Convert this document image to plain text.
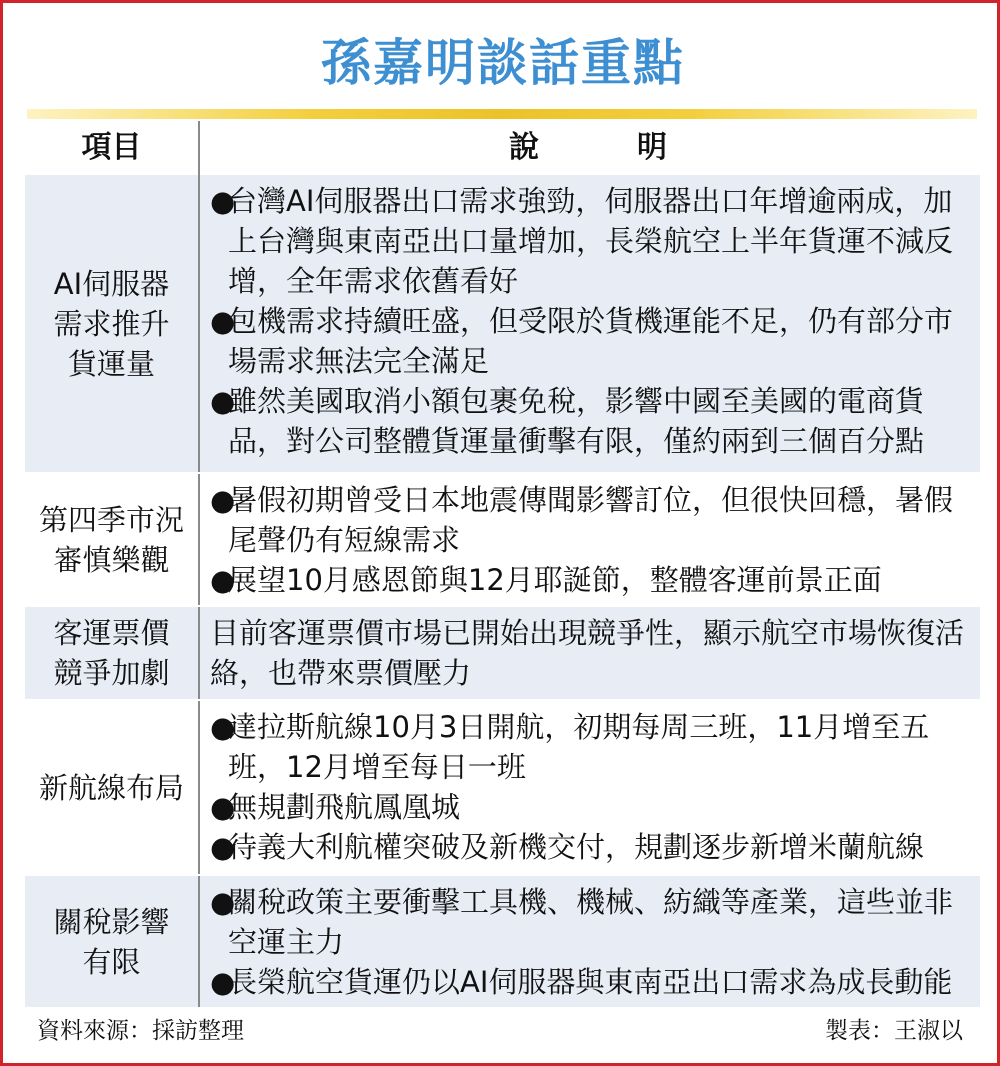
孫嘉明談話重點
項目	說　明
AI伺服器
需求推升
貨運量
●
台灣AI伺服器出口需求強勁，伺服器出口年增逾兩成，加上台灣與東南亞出口量增加，長榮航空上半年貨運不減反增，全年需求依舊看好
●
包機需求持續旺盛，但受限於貨機運能不足，仍有部分市場需求無法完全滿足
●
雖然美國取消小額包裹免稅，影響中國至美國的電商貨品，對公司整體貨運量衝擊有限，僅約兩到三個百分點
第四季市況
審慎樂觀
●
暑假初期曾受日本地震傳聞影響訂位，但很快回穩，暑假尾聲仍有短線需求
●
展望10月感恩節與12月耶誕節，整體客運前景正面
客運票價
競爭加劇
目前客運票價市場已開始出現競爭性，顯示航空市場恢復活絡，也帶來票價壓力
新航線布局
●
達拉斯航線10月3日開航，初期每周三班，11月增至五班，12月增至每日一班
●
無規劃飛航鳳凰城
●
待義大利航權突破及新機交付，規劃逐步新增米蘭航線
關稅影響
有限
●
關稅政策主要衝擊工具機、機械、紡織等產業，這些並非空運主力
●
長榮航空貨運仍以AI伺服器與東南亞出口需求為成長動能
資料來源：採訪整理	製表：王淑以
